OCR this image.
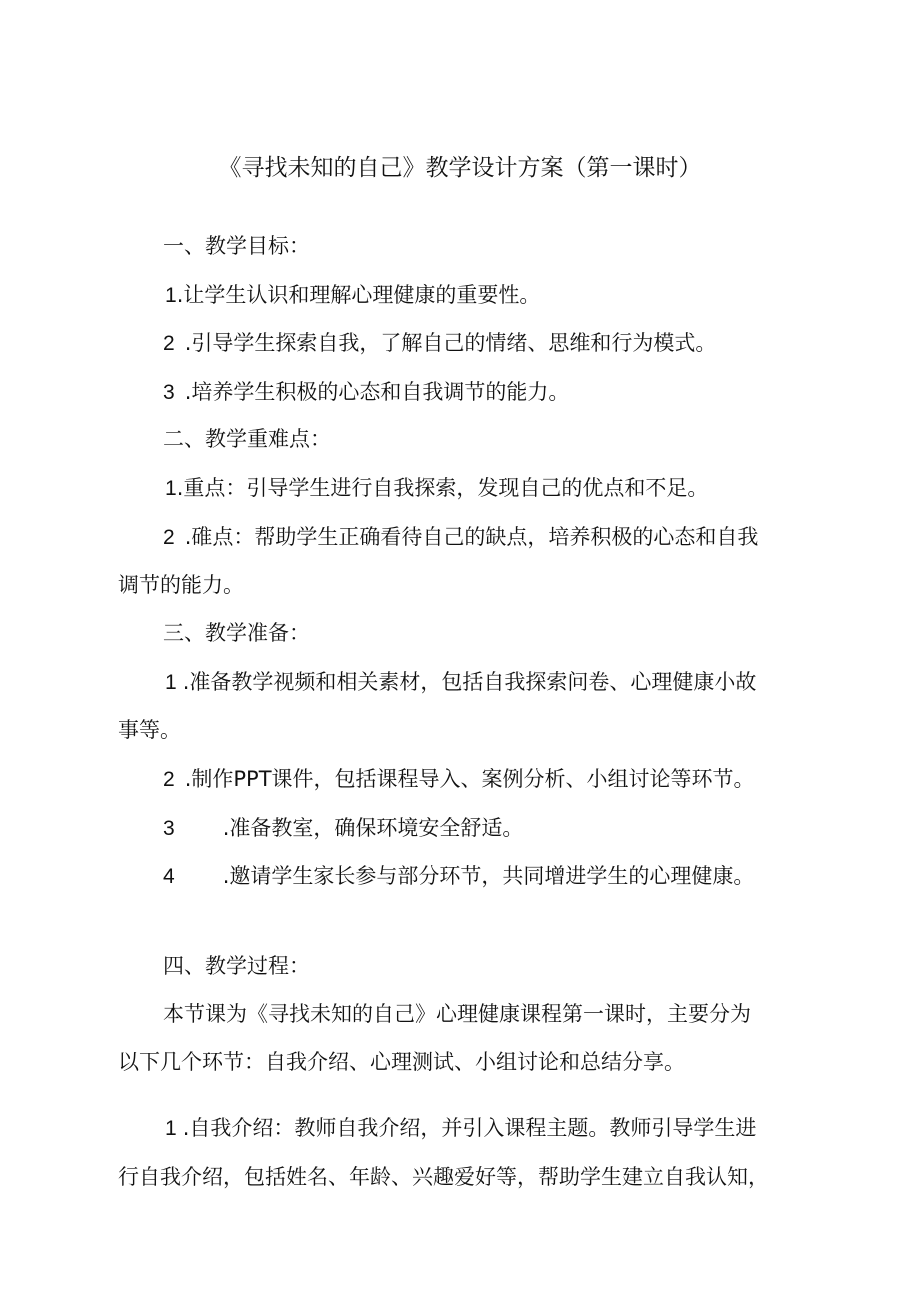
《寻找未知的自己》教学设计方案（第一课时）
一、教学目标：
1.让学生认识和理解心理健康的重要性。
2 .引导学生探索自我，了解自己的情绪、思维和行为模式。
3 .培养学生积极的心态和自我调节的能力。
二、教学重难点：
1.重点：引导学生进行自我探索，发现自己的优点和不足。
2 .碓点：帮助学生正确看待自己的缺点，培养积极的心态和自我
调节的能力。
三、教学准备：
1 .准备教学视频和相关素材，包括自我探索问卷、心理健康小故
事等。
2 .制作PPT课件，包括课程导入、案例分析、小组讨论等环节。
3 .准备教室，确保环境安全舒适。
4 .邀请学生家长参与部分环节，共同增进学生的心理健康。
四、教学过程：
本节课为《寻找未知的自己》心理健康课程第一课时，主要分为
以下几个环节：自我介绍、心理测试、小组讨论和总结分享。
1 .自我介绍：教师自我介绍，并引入课程主题。教师引导学生进
行自我介绍，包括姓名、年龄、兴趣爱好等，帮助学生建立自我认知，
